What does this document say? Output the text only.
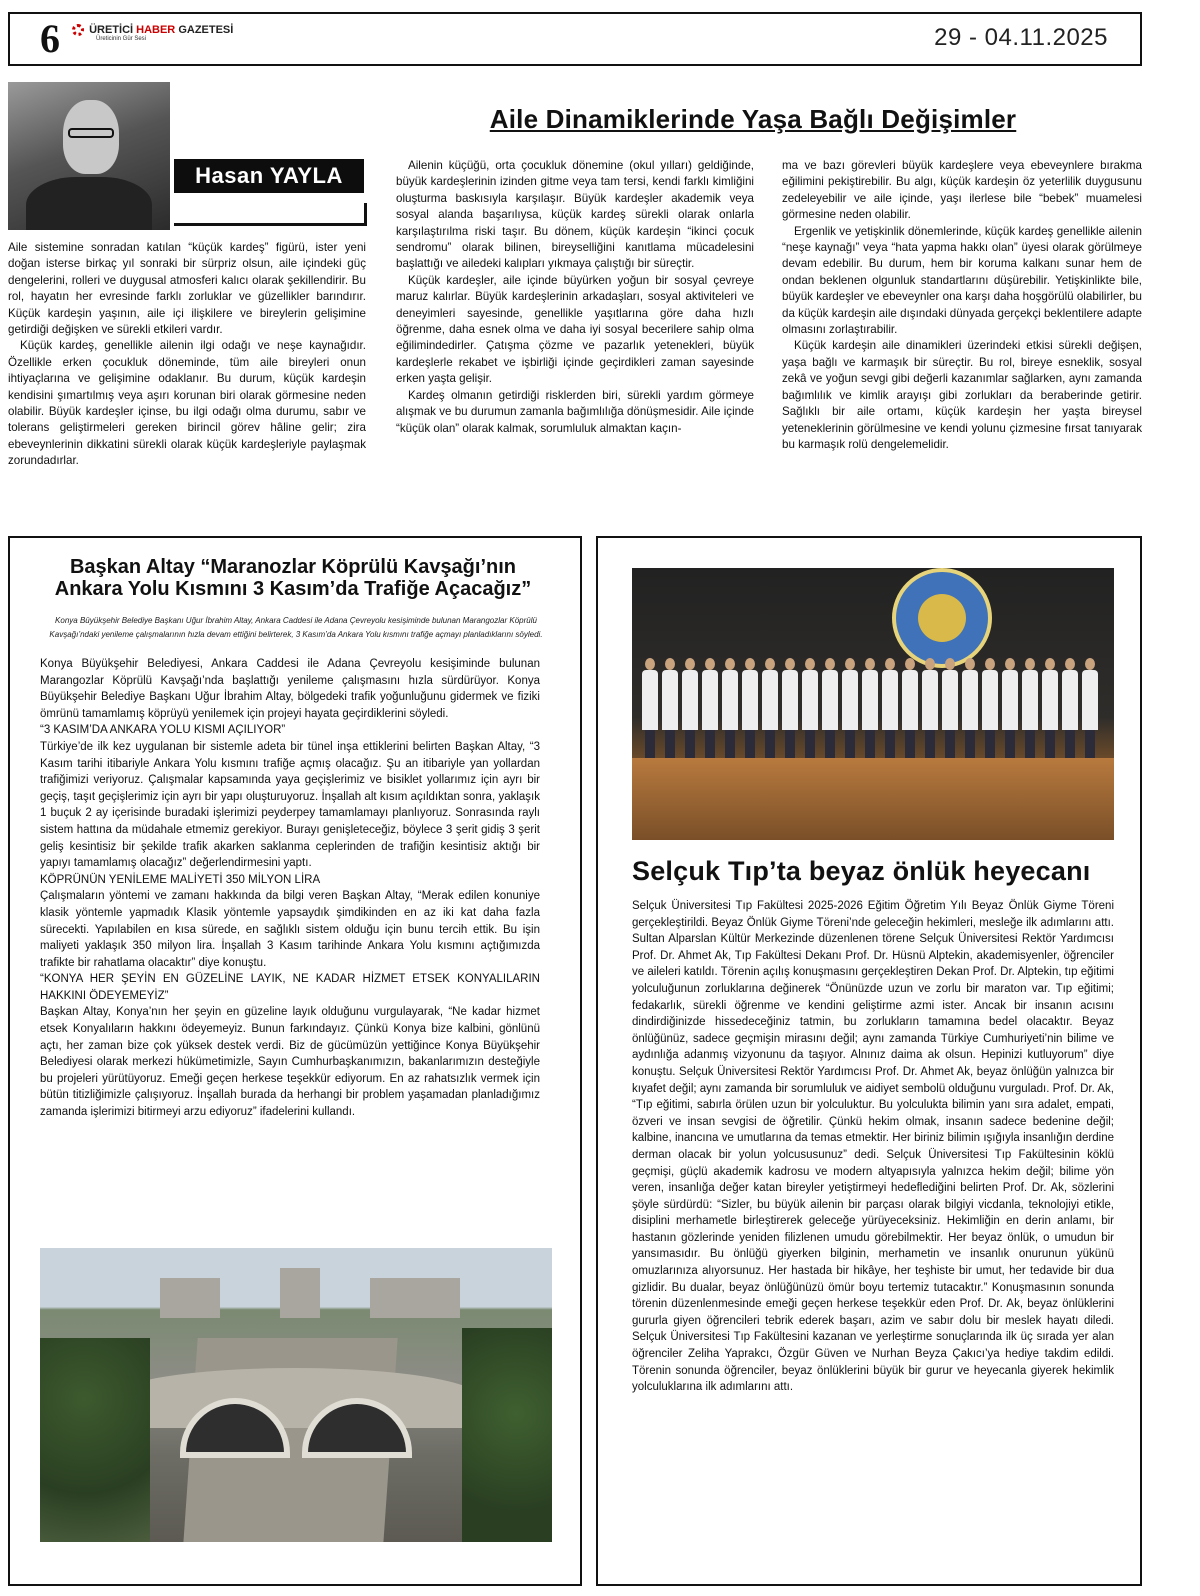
6	ÜRETİCİ HABER GAZETESİ
Üreticinin Gür Sesi	29 - 04.11.2025
Hasan YAYLA
Aile Dinamiklerinde Yaşa Bağlı Değişimler

Aile sistemine sonradan katılan “küçük kardeş” figürü, ister yeni doğan isterse birkaç yıl sonraki bir sürpriz olsun, aile içindeki güç dengelerini, rolleri ve duygusal atmosferi kalıcı olarak şekillendirir. Bu rol, hayatın her evresinde farklı zorluklar ve güzellikler barındırır. Küçük kardeşin yaşının, aile içi ilişkilere ve bireylerin gelişimine getirdiği değişken ve sürekli etkileri vardır.

Küçük kardeş, genellikle ailenin ilgi odağı ve neşe kaynağıdır. Özellikle erken çocukluk döneminde, tüm aile bireyleri onun ihtiyaçlarına ve gelişimine odaklanır. Bu durum, küçük kardeşin kendisini şımartılmış veya aşırı korunan biri olarak görmesine neden olabilir. Büyük kardeşler içinse, bu ilgi odağı olma durumu, sabır ve tolerans geliştirmeleri gereken birincil görev hâline gelir; zira ebeveynlerinin dikkatini sürekli olarak küçük kardeşleriyle paylaşmak zorundadırlar.

Ailenin küçüğü, orta çocukluk dönemine (okul yılları) geldiğinde, büyük kardeşlerinin izinden gitme veya tam tersi, kendi farklı kimliğini oluşturma baskısıyla karşılaşır. Büyük kardeşler akademik veya sosyal alanda başarılıysa, küçük kardeş sürekli olarak onlarla karşılaştırılma riski taşır. Bu dönem, küçük kardeşin “ikinci çocuk sendromu” olarak bilinen, bireyselliğini kanıtlama mücadelesini başlattığı ve ailedeki kalıpları yıkmaya çalıştığı bir süreçtir.

Küçük kardeşler, aile içinde büyürken yoğun bir sosyal çevreye maruz kalırlar. Büyük kardeşlerinin arkadaşları, sosyal aktiviteleri ve deneyimleri sayesinde, genellikle yaşıtlarına göre daha hızlı öğrenme, daha esnek olma ve daha iyi sosyal becerilere sahip olma eğilimindedirler. Çatışma çözme ve pazarlık yetenekleri, büyük kardeşlerle rekabet ve işbirliği içinde geçirdikleri zaman sayesinde erken yaşta gelişir.

Kardeş olmanın getirdiği risklerden biri, sürekli yardım görmeye alışmak ve bu durumun zamanla bağımlılığa dönüşmesidir. Aile içinde “küçük olan” olarak kalmak, sorumluluk almaktan kaçın-

ma ve bazı görevleri büyük kardeşlere veya ebeveynlere bırakma eğilimini pekiştirebilir. Bu algı, küçük kardeşin öz yeterlilik duygusunu zedeleyebilir ve aile içinde, yaşı ilerlese bile “bebek” muamelesi görmesine neden olabilir.

Ergenlik ve yetişkinlik dönemlerinde, küçük kardeş genellikle ailenin “neşe kaynağı” veya “hata yapma hakkı olan” üyesi olarak görülmeye devam edebilir. Bu durum, hem bir koruma kalkanı sunar hem de ondan beklenen olgunluk standartlarını düşürebilir. Yetişkinlikte bile, büyük kardeşler ve ebeveynler ona karşı daha hoşgörülü olabilirler, bu da küçük kardeşin aile dışındaki dünyada gerçekçi beklentilere adapte olmasını zorlaştırabilir.

Küçük kardeşin aile dinamikleri üzerindeki etkisi sürekli değişen, yaşa bağlı ve karmaşık bir süreçtir. Bu rol, bireye esneklik, sosyal zekâ ve yoğun sevgi gibi değerli kazanımlar sağlarken, aynı zamanda bağımlılık ve kimlik arayışı gibi zorlukları da beraberinde getirir. Sağlıklı bir aile ortamı, küçük kardeşin her yaşta bireysel yeteneklerinin görülmesine ve kendi yolunu çizmesine fırsat tanıyarak bu karmaşık rolü dengelemelidir.

Başkan Altay “Maranozlar Köprülü Kavşağı’nın
Ankara Yolu Kısmını 3 Kasım’da Trafiğe Açacağız”
Konya Büyükşehir Belediye Başkanı Uğur İbrahim Altay, Ankara Caddesi ile Adana Çevreyolu kesişiminde bulunan Marangozlar Köprülü Kavşağı’ndaki yenileme çalışmalarının hızla devam ettiğini belirterek, 3 Kasım’da Ankara Yolu kısmını trafiğe açmayı planladıklarını söyledi.

Konya Büyükşehir Belediyesi, Ankara Caddesi ile Adana Çevreyolu kesişiminde bulunan Marangozlar Köprülü Kavşağı’nda başlattığı yenileme çalışmasını hızla sürdürüyor. Konya Büyükşehir Belediye Başkanı Uğur İbrahim Altay, bölgedeki trafik yoğunluğunu gidermek ve fiziki ömrünü tamamlamış köprüyü yenilemek için projeyi hayata geçirdiklerini söyledi.

“3 KASIM’DA ANKARA YOLU KISMI AÇILIYOR”

Türkiye’de ilk kez uygulanan bir sistemle adeta bir tünel inşa ettiklerini belirten Başkan Altay, “3 Kasım tarihi itibariyle Ankara Yolu kısmını trafiğe açmış olacağız. Şu an itibariyle yan yollardan trafiğimizi veriyoruz. Çalışmalar kapsamında yaya geçişlerimiz ve bisiklet yollarımız için ayrı bir geçiş, taşıt geçişlerimiz için ayrı bir yapı oluşturuyoruz. İnşallah alt kısım açıldıktan sonra, yaklaşık 1 buçuk 2 ay içerisinde buradaki işlerimizi peyderpey tamamlamayı planlıyoruz. Sonrasında raylı sistem hattına da müdahale etmemiz gerekiyor. Burayı genişleteceğiz, böylece 3 şerit gidiş 3 şerit geliş kesintisiz bir şekilde trafik akarken saklanma ceplerinden de trafiğin kesintisiz aktığı bir yapıyı tamamlamış olacağız” değerlendirmesini yaptı.

KÖPRÜNÜN YENİLEME MALİYETİ 350 MİLYON LİRA

Çalışmaların yöntemi ve zamanı hakkında da bilgi veren Başkan Altay, “Merak edilen konuniye klasik yöntemle yapmadık Klasik yöntemle yapsaydık şimdikinden en az iki kat daha fazla sürecekti. Yapılabilen en kısa sürede, en sağlıklı sistem olduğu için bunu tercih ettik. Bu işin maliyeti yaklaşık 350 milyon lira. İnşallah 3 Kasım tarihinde Ankara Yolu kısmını açtığımızda trafikte bir rahatlama olacaktır” diye konuştu.

“KONYA HER ŞEYİN EN GÜZELİNE LAYIK, NE KADAR HİZMET ETSEK KONYALILARIN HAKKINI ÖDEYEMEYİZ”

Başkan Altay, Konya’nın her şeyin en güzeline layık olduğunu vurgulayarak, “Ne kadar hizmet etsek Konyalıların hakkını ödeyemeyiz. Bunun farkındayız. Çünkü Konya bize kalbini, gönlünü açtı, her zaman bize çok yüksek destek verdi. Biz de gücümüzün yettiğince Konya Büyükşehir Belediyesi olarak merkezi hükümetimizle, Sayın Cumhurbaşkanımızın, bakanlarımızın desteğiyle bu projeleri yürütüyoruz. Emeği geçen herkese teşekkür ediyorum. En az rahatsızlık vermek için bütün titizliğimizle çalışıyoruz. İnşallah burada da herhangi bir problem yaşamadan planladığımız zamanda işlerimizi bitirmeyi arzu ediyoruz” ifadelerini kullandı.

Selçuk Tıp’ta beyaz önlük heyecanı

Selçuk Üniversitesi Tıp Fakültesi 2025-2026 Eğitim Öğretim Yılı Beyaz Önlük Giyme Töreni gerçekleştirildi. Beyaz Önlük Giyme Töreni’nde geleceğin hekimleri, mesleğe ilk adımlarını attı. Sultan Alparslan Kültür Merkezinde düzenlenen törene Selçuk Üniversitesi Rektör Yardımcısı Prof. Dr. Ahmet Ak, Tıp Fakültesi Dekanı Prof. Dr. Hüsnü Alptekin, akademisyenler, öğrenciler ve aileleri katıldı. Törenin açılış konuşmasını gerçekleştiren Dekan Prof. Dr. Alptekin, tıp eğitimi yolculuğunun zorluklarına değinerek “Önünüzde uzun ve zorlu bir maraton var. Tıp eğitimi; fedakarlık, sürekli öğrenme ve kendini geliştirme azmi ister. Ancak bir insanın acısını dindirdiğinizde hissedeceğiniz tatmin, bu zorlukların tamamına bedel olacaktır. Beyaz önlüğünüz, sadece geçmişin mirasını değil; aynı zamanda Türkiye Cumhuriyeti’nin bilime ve aydınlığa adanmış vizyonunu da taşıyor. Alnınız daima ak olsun. Hepinizi kutluyorum” diye konuştu. Selçuk Üniversitesi Rektör Yardımcısı Prof. Dr. Ahmet Ak, beyaz önlüğün yalnızca bir kıyafet değil; aynı zamanda bir sorumluluk ve aidiyet sembolü olduğunu vurguladı. Prof. Dr. Ak, “Tıp eğitimi, sabırla örülen uzun bir yolculuktur. Bu yolculukta bilimin yanı sıra adalet, empati, özveri ve insan sevgisi de öğretilir. Çünkü hekim olmak, insanın sadece bedenine değil; kalbine, inancına ve umutlarına da temas etmektir. Her biriniz bilimin ışığıyla insanlığın derdine derman olacak bir yolun yolcususunuz” dedi. Selçuk Üniversitesi Tıp Fakültesinin köklü geçmişi, güçlü akademik kadrosu ve modern altyapısıyla yalnızca hekim değil; bilime yön veren, insanlığa değer katan bireyler yetiştirmeyi hedeflediğini belirten Prof. Dr. Ak, sözlerini şöyle sürdürdü: “Sizler, bu büyük ailenin bir parçası olarak bilgiyi vicdanla, teknolojiyi etikle, disiplini merhametle birleştirerek geleceğe yürüyeceksiniz. Hekimliğin en derin anlamı, bir hastanın gözlerinde yeniden filizlenen umudu görebilmektir. Her beyaz önlük, o umudun bir yansımasıdır. Bu önlüğü giyerken bilginin, merhametin ve insanlık onurunun yükünü omuzlarınıza alıyorsunuz. Her hastada bir hikâye, her teşhiste bir umut, her tedavide bir dua gizlidir. Bu dualar, beyaz önlüğünüzü ömür boyu tertemiz tutacaktır.” Konuşmasının sonunda törenin düzenlenmesinde emeği geçen herkese teşekkür eden Prof. Dr. Ak, beyaz önlüklerini gururla giyen öğrencileri tebrik ederek başarı, azim ve sabır dolu bir meslek hayatı diledi. Selçuk Üniversitesi Tıp Fakültesini kazanan ve yerleştirme sonuçlarında ilk üç sırada yer alan öğrenciler Zeliha Yaprakcı, Özgür Güven ve Nurhan Beyza Çakıcı’ya hediye takdim edildi. Törenin sonunda öğrenciler, beyaz önlüklerini büyük bir gurur ve heyecanla giyerek hekimlik yolculuklarına ilk adımlarını attı.
